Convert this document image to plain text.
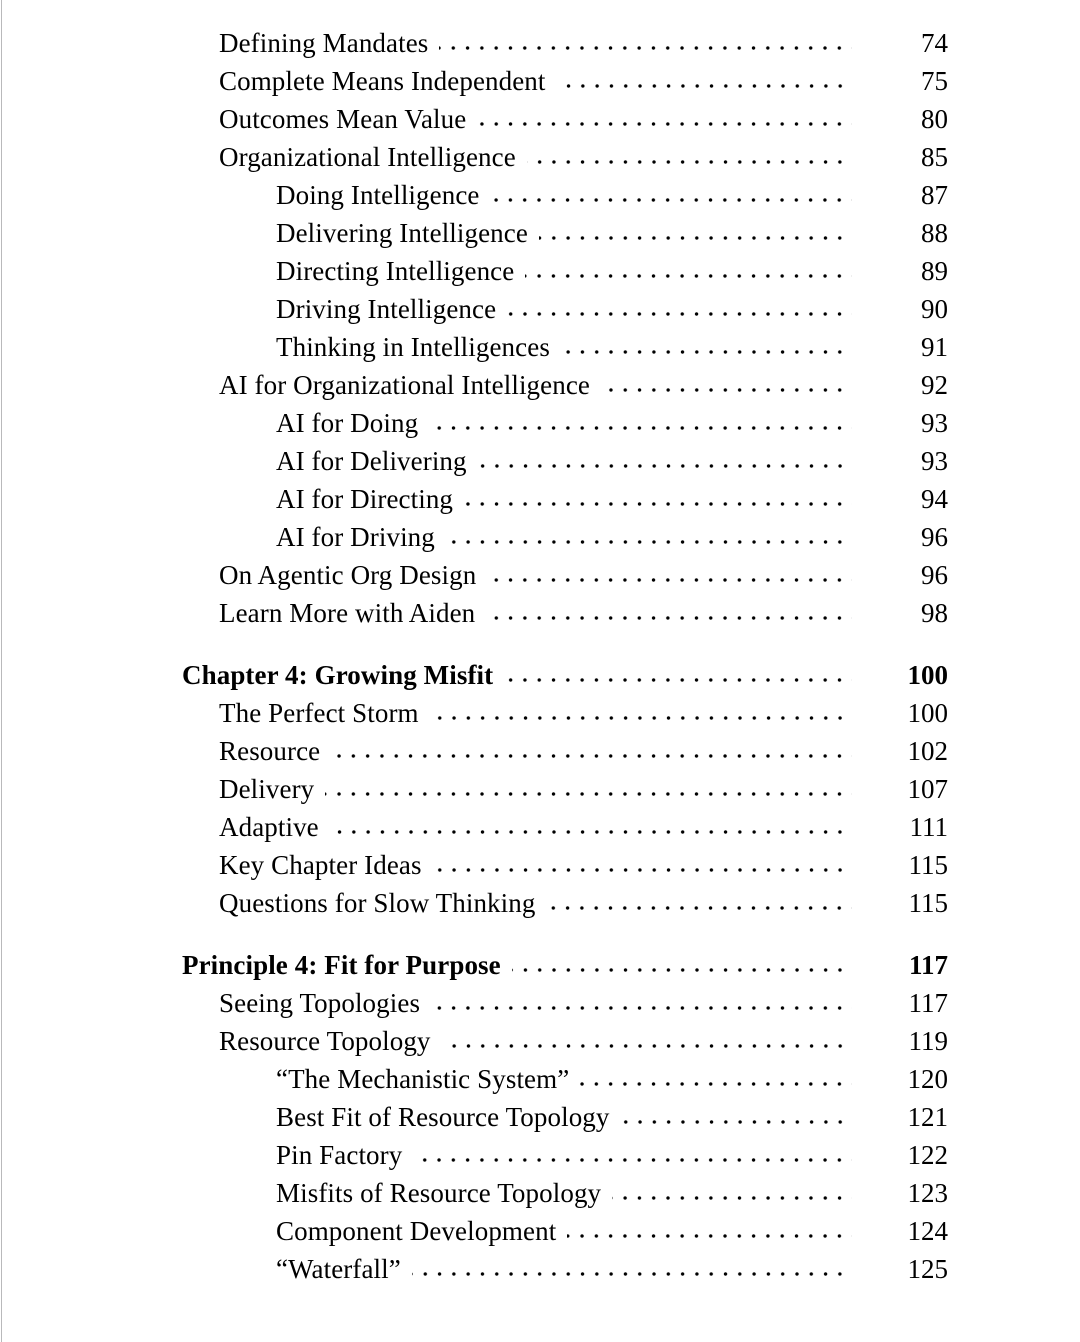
Defining Mandates	74
Complete Means Independent	75
Outcomes Mean Value	80
Organizational Intelligence	85
Doing Intelligence	87
Delivering Intelligence	88
Directing Intelligence	89
Driving Intelligence	90
Thinking in Intelligences	91
AI for Organizational Intelligence	92
AI for Doing	93
AI for Delivering	93
AI for Directing	94
AI for Driving	96
On Agentic Org Design	96
Learn More with Aiden	98
Chapter 4: Growing Misfit	100
The Perfect Storm	100
Resource	102
Delivery	107
Adaptive	111
Key Chapter Ideas	115
Questions for Slow Thinking	115
Principle 4: Fit for Purpose	117
Seeing Topologies	117
Resource Topology	119
“The Mechanistic System”	120
Best Fit of Resource Topology	121
Pin Factory	122
Misfits of Resource Topology	123
Component Development	124
“Waterfall”	125
